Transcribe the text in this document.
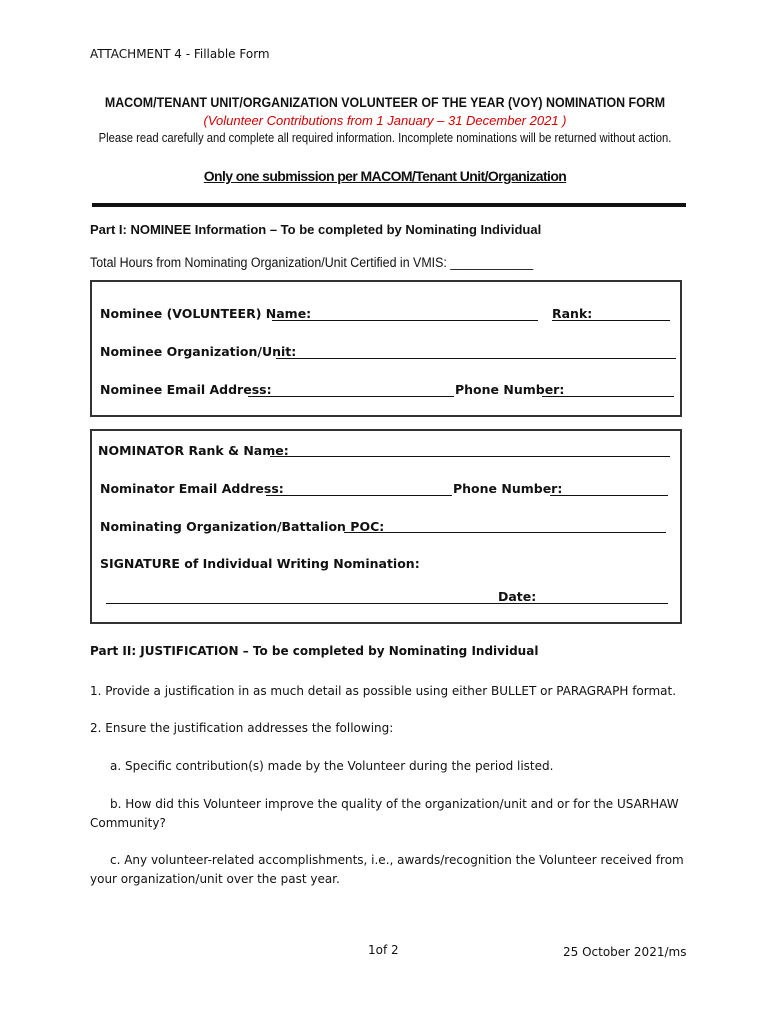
ATTACHMENT 4 - Fillable Form
MACOM/TENANT UNIT/ORGANIZATION VOLUNTEER OF THE YEAR (VOY) NOMINATION FORM
(Volunteer Contributions from 1 January – 31 December 2021 )
Please read carefully and complete all required information. Incomplete nominations will be returned without action.
Only one submission per MACOM/Tenant Unit/Organization
Part I: NOMINEE Information – To be completed by Nominating Individual
Total Hours from Nominating Organization/Unit Certified in VMIS: ____________
Nominee (VOLUNTEER) Name:	Rank:
Nominee Organization/Unit:
Nominee Email Address:	Phone Number:
NOMINATOR Rank & Name:
Nominator Email Address:	Phone Number:
Nominating Organization/Battalion POC:
SIGNATURE of Individual Writing Nomination:
Date:
Part II: JUSTIFICATION – To be completed by Nominating Individual
1. Provide a justification in as much detail as possible using either BULLET or PARAGRAPH format.
2. Ensure the justification addresses the following:
a. Specific contribution(s) made by the Volunteer during the period listed.
b. How did this Volunteer improve the quality of the organization/unit and or for the USARHAW
Community?
c. Any volunteer-related accomplishments, i.e., awards/recognition the Volunteer received from
your organization/unit over the past year.
1of 2	25 October 2021/ms
